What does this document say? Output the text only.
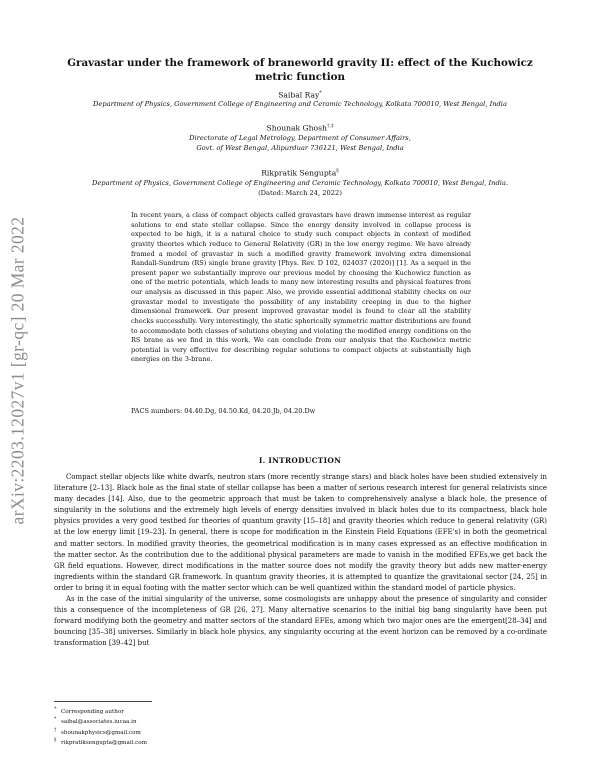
arXiv:2203.12027v1 [gr-qc] 20 Mar 2022
Gravastar under the framework of braneworld gravity II: effect of the Kuchowicz metric function
Saibal Ray*
Department of Physics, Government College of Engineering and Ceramic Technology, Kolkata 700010, West Bengal, India
Shounak Ghosh†,‡
Directorate of Legal Metrology, Department of Consumer Affairs,
Govt. of West Bengal, Alipurduar 736121, West Bengal, India
Rikpratik Sengupta§
Department of Physics, Government College of Engineering and Ceramic Technology, Kolkata 700010, West Bengal, India.
(Dated: March 24, 2022)

In recent years, a class of compact objects called gravastars have drawn immense interest as regular solutions to end state stellar collapse. Since the energy density involved in collapse process is expected to be high, it is a natural choice to study such compact objects in context of modified gravity theories which reduce to General Relativity (GR) in the low energy regime. We have already framed a model of gravastar in such a modified gravity framework involving extra dimensional Randall-Sundrum (RS) single brane gravity [Phys. Rev. D 102, 024037 (2020)] [1]. As a sequel in the present paper we substantially improve our previous model by choosing the Kuchowicz function as one of the metric potentials, which leads to many new interesting results and physical features from our analysis as discussed in this paper. Also, we provide essential additional stability checks on our gravastar model to investigate the possibility of any instability creeping in due to the higher dimensional framework. Our present improved gravastar model is found to clear all the stability checks successfully. Very interestingly, the static spherically symmetric matter distributions are found to accommodate both classes of solutions obeying and violating the modified energy conditions on the RS brane as we find in this work. We can conclude from our analysis that the Kuchowicz metric potential is very effective for describing regular solutions to compact objects at substantially high energies on the 3-brane.

PACS numbers: 04.40.Dg, 04.50.Kd, 04.20.Jb, 04.20.Dw
I. INTRODUCTION

Compact stellar objects like white dwarfs, neutron stars (more recently strange stars) and black holes have been studied extensively in literature [2–13]. Black hole as the final state of stellar collapse has been a matter of serious research interest for general relativists since many decades [14]. Also, due to the geometric approach that must be taken to comprehensively analyse a black hole, the presence of singularity in the solutions and the extremely high levels of energy densities involved in black holes due to its compactness, black hole physics provides a very good testbed for theories of quantum gravity [15–18] and gravity theories which reduce to general relativity (GR) at the low energy limit [19–23]. In general, there is scope for modification in the Einstein Field Equations (EFE's) in both the geometrical and matter sectors. In modified gravity theories, the geometrical modification is in many cases expressed as an effective modification in the matter sector. As the contribution due to the additional physical parameters are made to vanish in the modified EFEs,we get back the GR field equations. However, direct modifications in the matter source does not modify the gravity theory but adds new matter-energy ingredients within the standard GR framework. In quantum gravity theories, it is attempted to quantize the gravitaional sector [24, 25] in order to bring it in equal footing with the matter sector which can be well quantized within the standard model of particle physics.

As in the case of the initial singularity of the universe, some cosmologists are unhappy about the presence of singularity and consider this a consequence of the incompleteness of GR [26, 27]. Many alternative scenarios to the initial big bang singularity have been put forward modifying both the geometry and matter sectors of the standard EFEs, among which two major ones are the emergent[28–34] and bouncing [35–38] universes. Similarly in black hole physics, any singularity occuring at the event horizon can be removed by a co-ordinate transformation [39–42] but

* Corresponding author
* saibal@associates.iucaa.in
† shounakphysics@gmail.com
§ rikpratiksengupta@gmail.com
